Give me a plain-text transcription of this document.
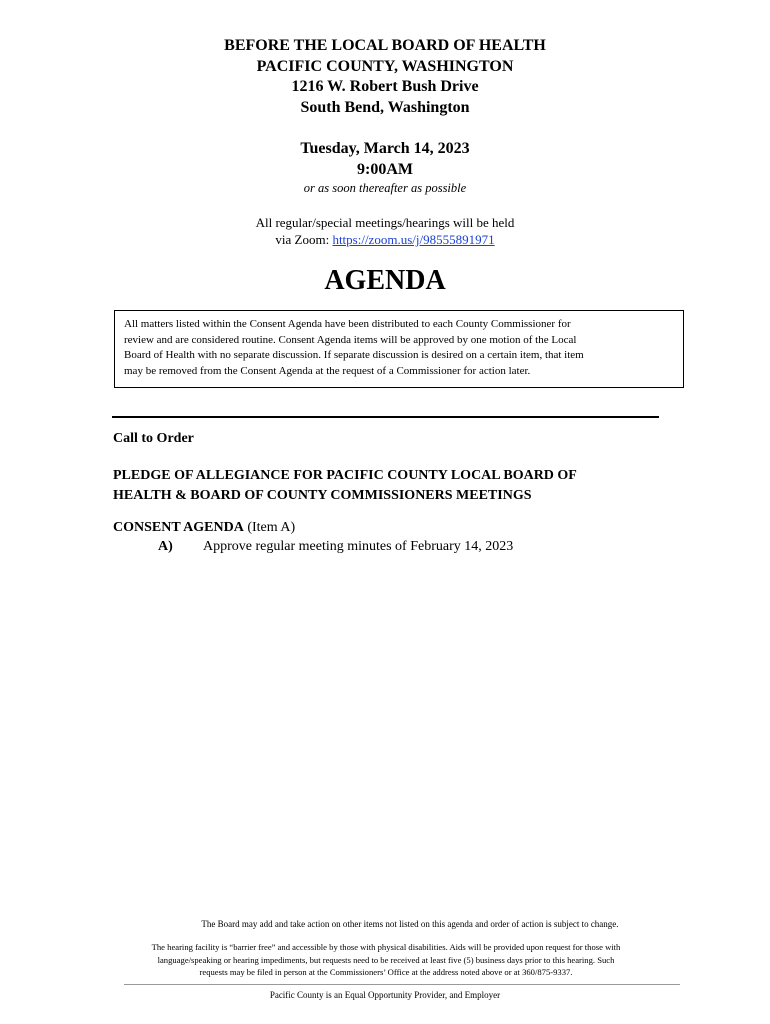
BEFORE THE LOCAL BOARD OF HEALTH
PACIFIC COUNTY, WASHINGTON
1216 W. Robert Bush Drive
South Bend, Washington
Tuesday, March 14, 2023
9:00AM
or as soon thereafter as possible
All regular/special meetings/hearings will be held
via Zoom: https://zoom.us/j/98555891971
AGENDA
All matters listed within the Consent Agenda have been distributed to each County Commissioner for
review and are considered routine. Consent Agenda items will be approved by one motion of the Local
Board of Health with no separate discussion. If separate discussion is desired on a certain item, that item
may be removed from the Consent Agenda at the request of a Commissioner for action later.
Call to Order
PLEDGE OF ALLEGIANCE FOR PACIFIC COUNTY LOCAL BOARD OF
HEALTH & BOARD OF COUNTY COMMISSIONERS MEETINGS
CONSENT AGENDA (Item A)
A) Approve regular meeting minutes of February 14, 2023
The Board may add and take action on other items not listed on this agenda and order of action is subject to change.
The hearing facility is “barrier free” and accessible by those with physical disabilities. Aids will be provided upon request for those with
language/speaking or hearing impediments, but requests need to be received at least five (5) business days prior to this hearing. Such
requests may be filed in person at the Commissioners’ Office at the address noted above or at 360/875-9337.
Pacific County is an Equal Opportunity Provider, and Employer
